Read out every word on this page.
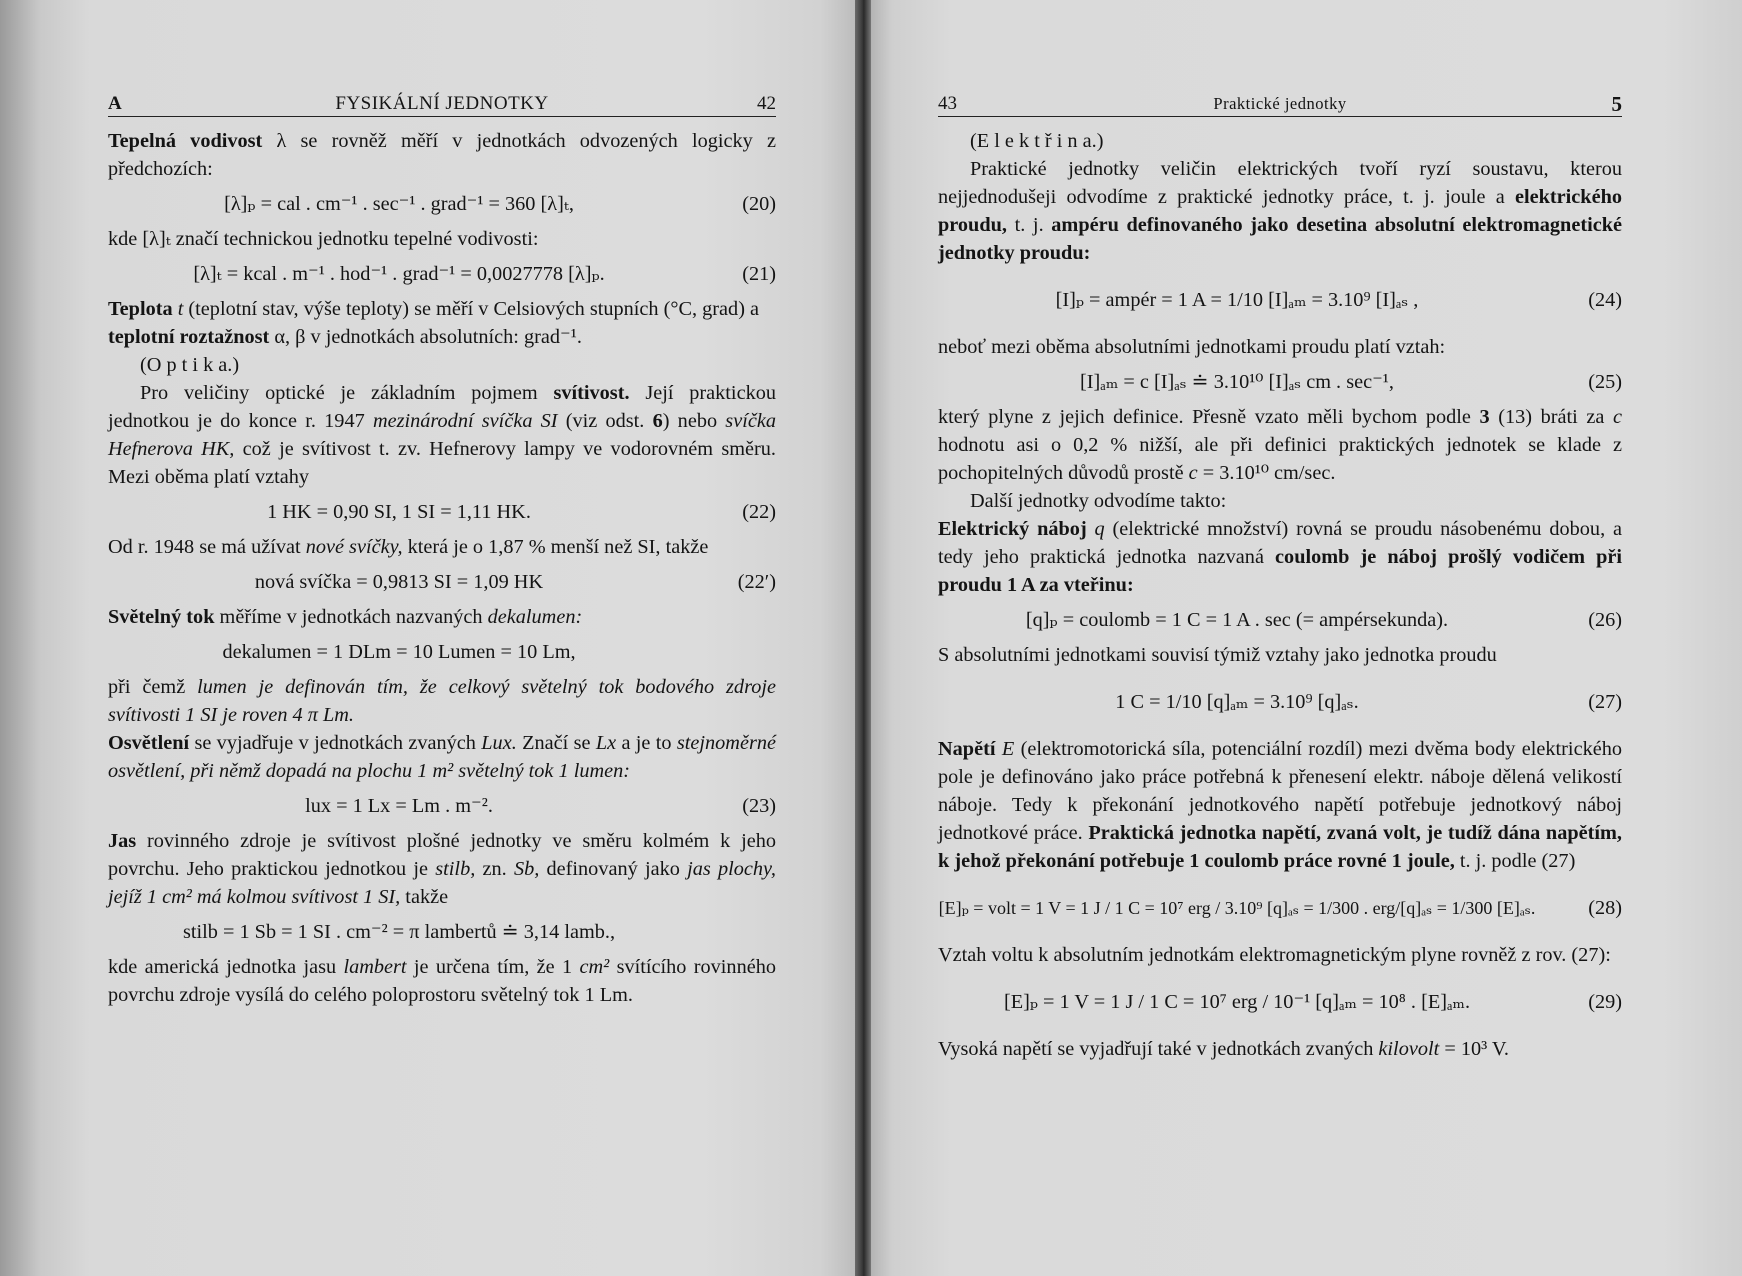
A	FYSIKÁLNÍ JEDNOTKY	42

Tepelná vodivost λ se rovněž měří v jednotkách odvozených logicky z předchozích:

[λ]ₚ = cal . cm⁻¹ . sec⁻¹ . grad⁻¹ = 360 [λ]ₜ,	(20)

kde [λ]ₜ značí technickou jednotku tepelné vodivosti:

[λ]ₜ = kcal . m⁻¹ . hod⁻¹ . grad⁻¹ = 0,0027778 [λ]ₚ.	(21)

Teplota t (teplotní stav, výše teploty) se měří v Celsiových stupních (°C, grad) a

teplotní roztažnost α, β v jednotkách absolutních: grad⁻¹.

(O p t i k a.)

Pro veličiny optické je základním pojmem svítivost. Její praktickou jednotkou je do konce r. 1947 mezinárodní svíčka SI (viz odst. 6) nebo svíčka Hefnerova HK, což je svítivost t. zv. Hefnerovy lampy ve vodorovném směru. Mezi oběma platí vztahy

1 HK = 0,90 SI, 1 SI = 1,11 HK.	(22)

Od r. 1948 se má užívat nové svíčky, která je o 1,87 % menší než SI, takže

nová svíčka = 0,9813 SI = 1,09 HK	(22′)

Světelný tok měříme v jednotkách nazvaných dekalumen:

dekalumen = 1 DLm = 10 Lumen = 10 Lm,

při čemž lumen je definován tím, že celkový světelný tok bodového zdroje svítivosti 1 SI je roven 4 π Lm.

Osvětlení se vyjadřuje v jednotkách zvaných Lux. Značí se Lx a je to stejnoměrné osvětlení, při němž dopadá na plochu 1 m² světelný tok 1 lumen:

lux = 1 Lx = Lm . m⁻².	(23)

Jas rovinného zdroje je svítivost plošné jednotky ve směru kolmém k jeho povrchu. Jeho praktickou jednotkou je stilb, zn. Sb, definovaný jako jas plochy, jejíž 1 cm² má kolmou svítivost 1 SI, takže

stilb = 1 Sb = 1 SI . cm⁻² = π lambertů ≐ 3,14 lamb.,

kde americká jednotka jasu lambert je určena tím, že 1 cm² svítícího rovinného povrchu zdroje vysílá do celého poloprostoru světelný tok 1 Lm.

43	Praktické jednotky	5

(E l e k t ř i n a.)

Praktické jednotky veličin elektrických tvoří ryzí soustavu, kterou nejjednodušeji odvodíme z praktické jednotky práce, t. j. joule a elektrického proudu, t. j. ampéru definovaného jako desetina absolutní elektromagnetické jednotky proudu:

[I]ₚ = ampér = 1 A = 1/10 [I]ₐₘ = 3.10⁹ [I]ₐₛ ,	(24)

neboť mezi oběma absolutními jednotkami proudu platí vztah:

[I]ₐₘ = c [I]ₐₛ ≐ 3.10¹⁰ [I]ₐₛ cm . sec⁻¹,	(25)

který plyne z jejich definice. Přesně vzato měli bychom podle 3 (13) bráti za c hodnotu asi o 0,2 % nižší, ale při definici praktických jednotek se klade z pochopitelných důvodů prostě c = 3.10¹⁰ cm/sec.

Další jednotky odvodíme takto:

Elektrický náboj q (elektrické množství) rovná se proudu násobenému dobou, a tedy jeho praktická jednotka nazvaná coulomb je náboj prošlý vodičem při proudu 1 A za vteřinu:

[q]ₚ = coulomb = 1 C = 1 A . sec (= ampérsekunda).	(26)

S absolutními jednotkami souvisí týmiž vztahy jako jednotka proudu

1 C = 1/10 [q]ₐₘ = 3.10⁹ [q]ₐₛ.	(27)

Napětí E (elektromotorická síla, potenciální rozdíl) mezi dvěma body elektrického pole je definováno jako práce potřebná k přenesení elektr. náboje dělená velikostí náboje. Tedy k překonání jednotkového napětí potřebuje jednotkový náboj jednotkové práce. Praktická jednotka napětí, zvaná volt, je tudíž dána napětím, k jehož překonání potřebuje 1 coulomb práce rovné 1 joule, t. j. podle (27)

[E]ₚ = volt = 1 V = 1 J / 1 C = 10⁷ erg / 3.10⁹ [q]ₐₛ = 1/300 . erg/[q]ₐₛ = 1/300 [E]ₐₛ.	(28)

Vztah voltu k absolutním jednotkám elektromagnetickým plyne rovněž z rov. (27):

[E]ₚ = 1 V = 1 J / 1 C = 10⁷ erg / 10⁻¹ [q]ₐₘ = 10⁸ . [E]ₐₘ.	(29)

Vysoká napětí se vyjadřují také v jednotkách zvaných kilovolt = 10³ V.
